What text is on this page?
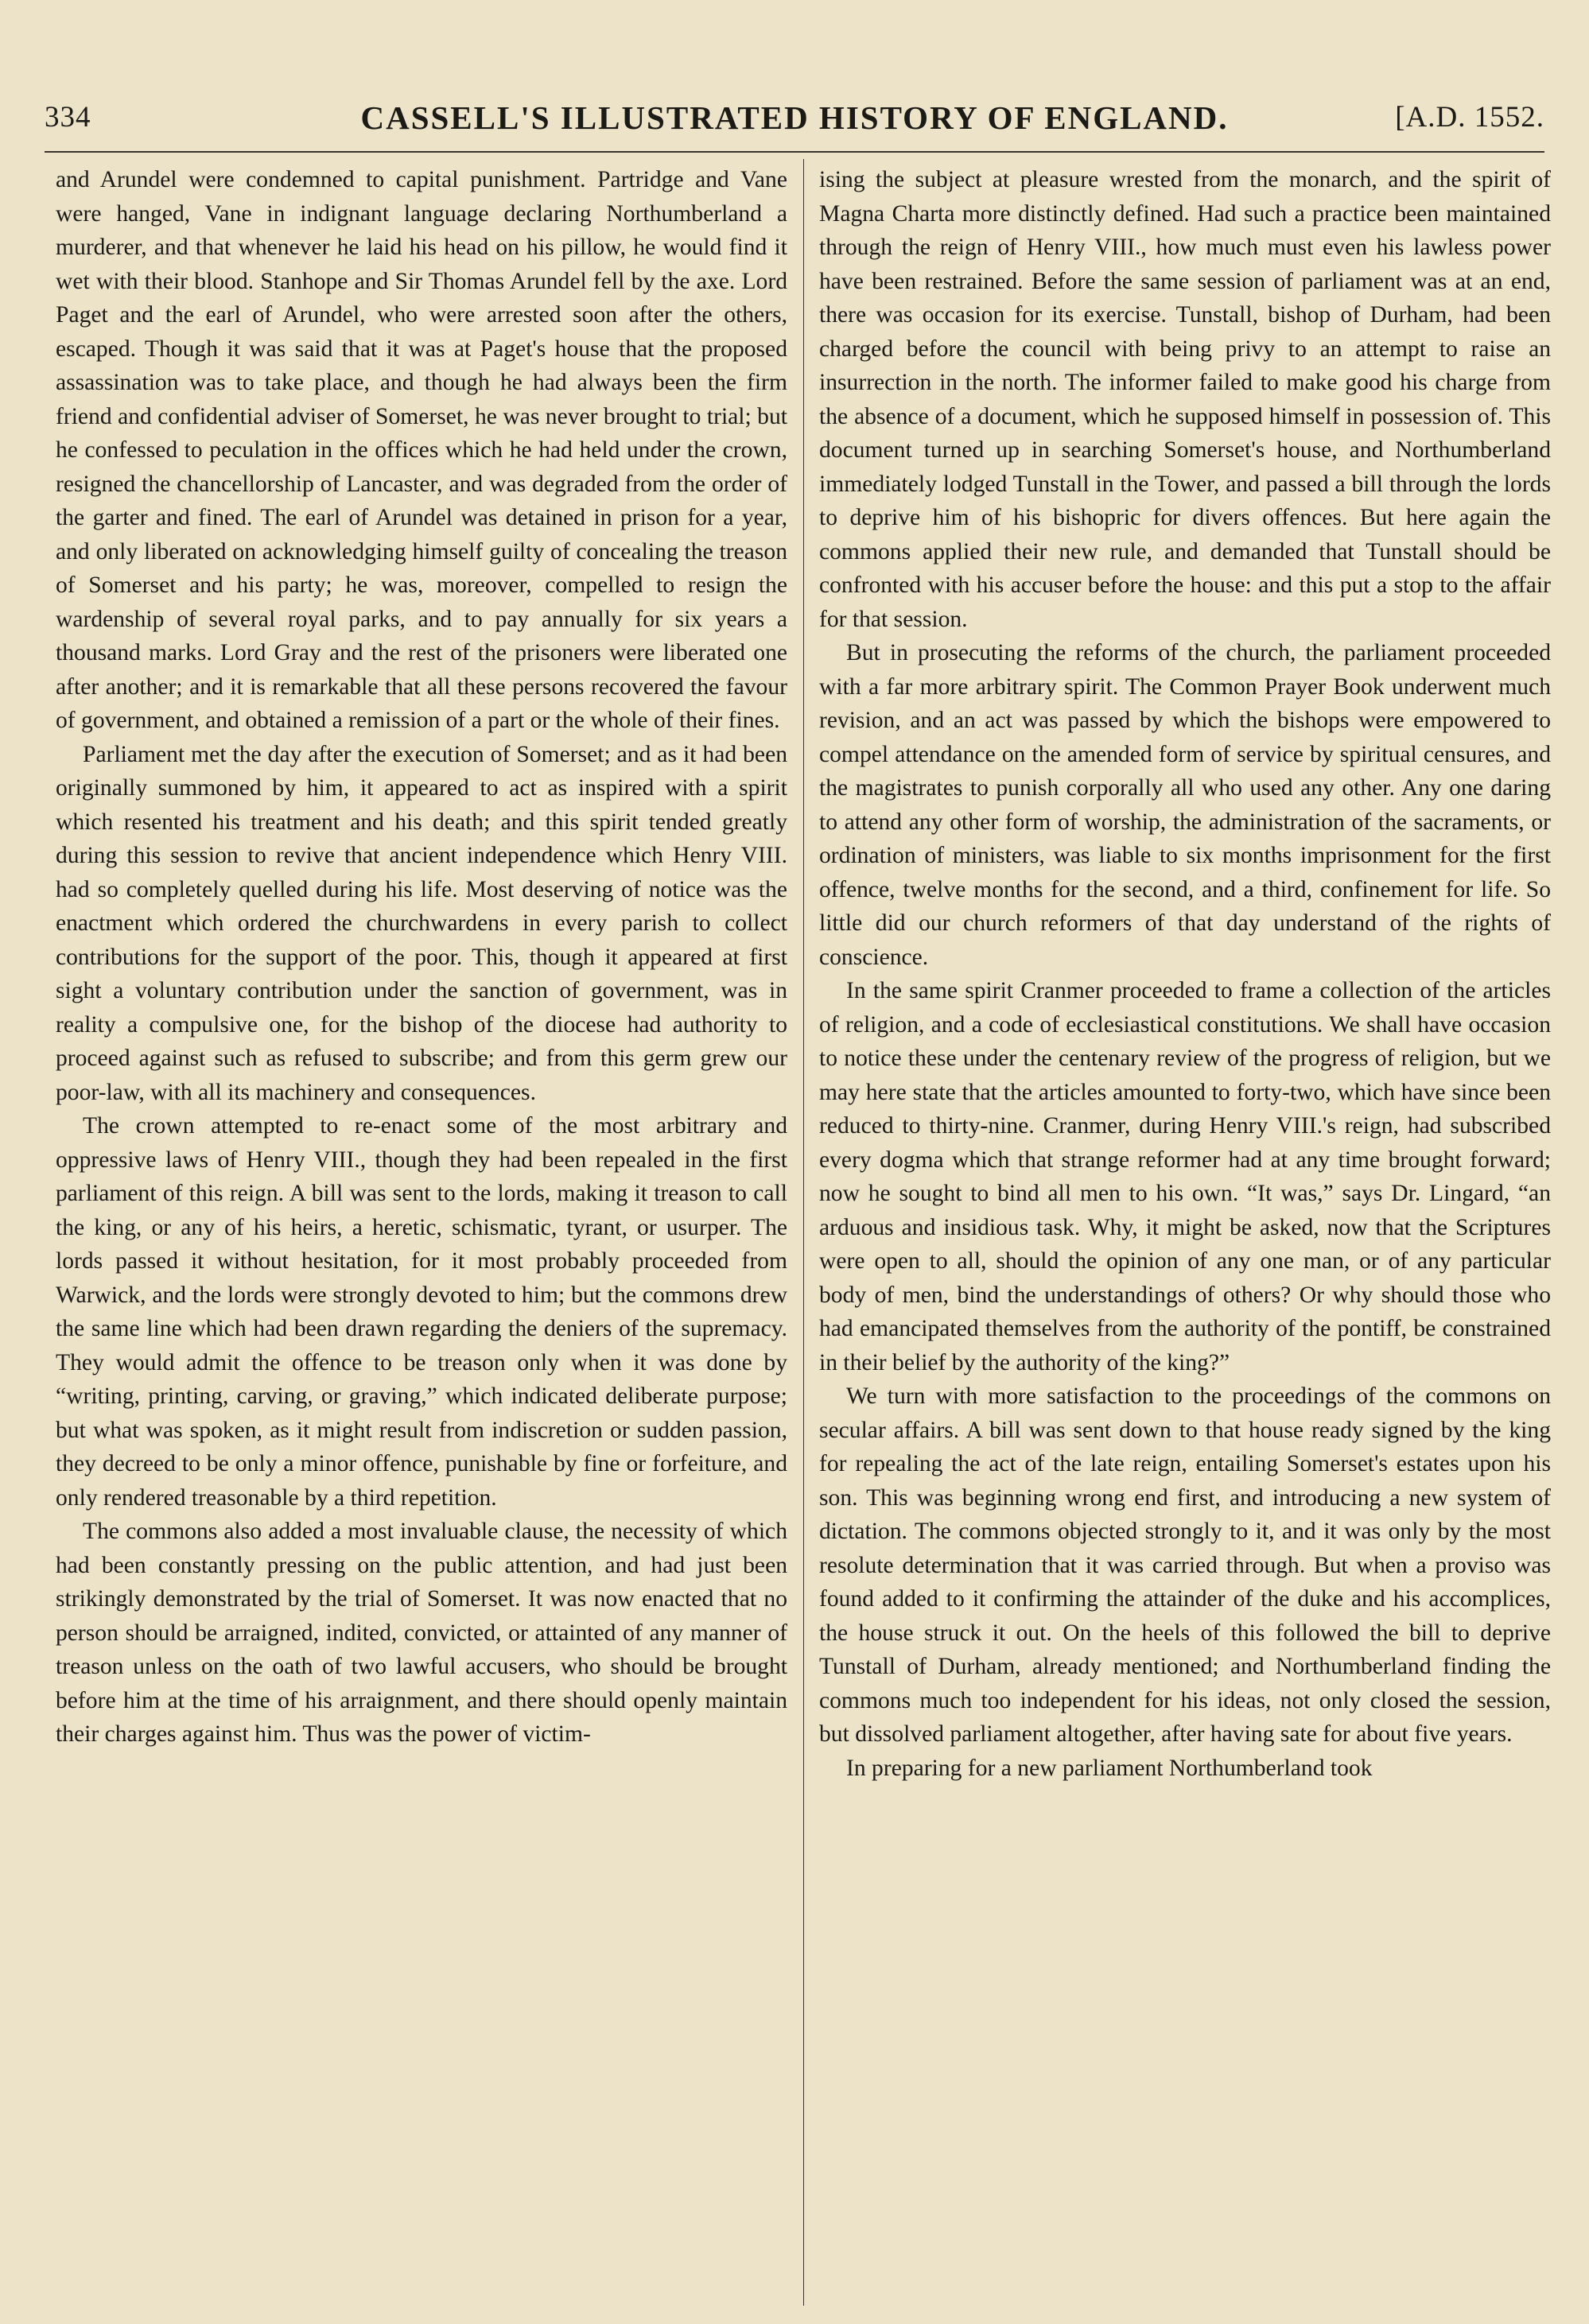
334	CASSELL'S ILLUSTRATED HISTORY OF ENGLAND.	[A.D. 1552.

and Arundel were condemned to capital punishment. Partridge and Vane were hanged, Vane in indignant language declaring Northumberland a murderer, and that whenever he laid his head on his pillow, he would find it wet with their blood. Stanhope and Sir Thomas Arundel fell by the axe. Lord Paget and the earl of Arundel, who were arrested soon after the others, escaped. Though it was said that it was at Paget's house that the proposed assassination was to take place, and though he had always been the firm friend and confidential adviser of Somerset, he was never brought to trial; but he confessed to peculation in the offices which he had held under the crown, resigned the chancellorship of Lancaster, and was degraded from the order of the garter and fined. The earl of Arundel was detained in prison for a year, and only liberated on acknowledging himself guilty of concealing the treason of Somerset and his party; he was, moreover, compelled to resign the wardenship of several royal parks, and to pay annually for six years a thousand marks. Lord Gray and the rest of the prisoners were liberated one after another; and it is remarkable that all these persons recovered the favour of government, and obtained a remission of a part or the whole of their fines.

Parliament met the day after the execution of Somerset; and as it had been originally summoned by him, it appeared to act as inspired with a spirit which resented his treatment and his death; and this spirit tended greatly during this session to revive that ancient independence which Henry VIII. had so completely quelled during his life. Most deserving of notice was the enactment which ordered the churchwardens in every parish to collect contributions for the support of the poor. This, though it appeared at first sight a voluntary contribution under the sanction of government, was in reality a compulsive one, for the bishop of the diocese had authority to proceed against such as refused to subscribe; and from this germ grew our poor-law, with all its machinery and consequences.

The crown attempted to re-enact some of the most arbitrary and oppressive laws of Henry VIII., though they had been repealed in the first parliament of this reign. A bill was sent to the lords, making it treason to call the king, or any of his heirs, a heretic, schismatic, tyrant, or usurper. The lords passed it without hesitation, for it most probably proceeded from Warwick, and the lords were strongly devoted to him; but the commons drew the same line which had been drawn regarding the deniers of the supremacy. They would admit the offence to be treason only when it was done by “writing, printing, carving, or graving,” which indicated deliberate purpose; but what was spoken, as it might result from indiscretion or sudden passion, they decreed to be only a minor offence, punishable by fine or forfeiture, and only rendered treasonable by a third repetition.

The commons also added a most invaluable clause, the necessity of which had been constantly pressing on the public attention, and had just been strikingly demonstrated by the trial of Somerset. It was now enacted that no person should be arraigned, indited, convicted, or attainted of any manner of treason unless on the oath of two lawful accusers, who should be brought before him at the time of his arraignment, and there should openly maintain their charges against him. Thus was the power of victim-

ising the subject at pleasure wrested from the monarch, and the spirit of Magna Charta more distinctly defined. Had such a practice been maintained through the reign of Henry VIII., how much must even his lawless power have been restrained. Before the same session of parliament was at an end, there was occasion for its exercise. Tunstall, bishop of Durham, had been charged before the council with being privy to an attempt to raise an insurrection in the north. The informer failed to make good his charge from the absence of a document, which he supposed himself in possession of. This document turned up in searching Somerset's house, and Northumberland immediately lodged Tunstall in the Tower, and passed a bill through the lords to deprive him of his bishopric for divers offences. But here again the commons applied their new rule, and demanded that Tunstall should be confronted with his accuser before the house: and this put a stop to the affair for that session.

But in prosecuting the reforms of the church, the parliament proceeded with a far more arbitrary spirit. The Common Prayer Book underwent much revision, and an act was passed by which the bishops were empowered to compel attendance on the amended form of service by spiritual censures, and the magistrates to punish corporally all who used any other. Any one daring to attend any other form of worship, the administration of the sacraments, or ordination of ministers, was liable to six months imprisonment for the first offence, twelve months for the second, and a third, confinement for life. So little did our church reformers of that day understand of the rights of conscience.

In the same spirit Cranmer proceeded to frame a collection of the articles of religion, and a code of ecclesiastical constitutions. We shall have occasion to notice these under the centenary review of the progress of religion, but we may here state that the articles amounted to forty-two, which have since been reduced to thirty-nine. Cranmer, during Henry VIII.'s reign, had subscribed every dogma which that strange reformer had at any time brought forward; now he sought to bind all men to his own. “It was,” says Dr. Lingard, “an arduous and insidious task. Why, it might be asked, now that the Scriptures were open to all, should the opinion of any one man, or of any particular body of men, bind the understandings of others? Or why should those who had emancipated themselves from the authority of the pontiff, be constrained in their belief by the authority of the king?”

We turn with more satisfaction to the proceedings of the commons on secular affairs. A bill was sent down to that house ready signed by the king for repealing the act of the late reign, entailing Somerset's estates upon his son. This was beginning wrong end first, and introducing a new system of dictation. The commons objected strongly to it, and it was only by the most resolute determination that it was carried through. But when a proviso was found added to it confirming the attainder of the duke and his accomplices, the house struck it out. On the heels of this followed the bill to deprive Tunstall of Durham, already mentioned; and Northumberland finding the commons much too independent for his ideas, not only closed the session, but dissolved parliament altogether, after having sate for about five years.

In preparing for a new parliament Northumberland took
